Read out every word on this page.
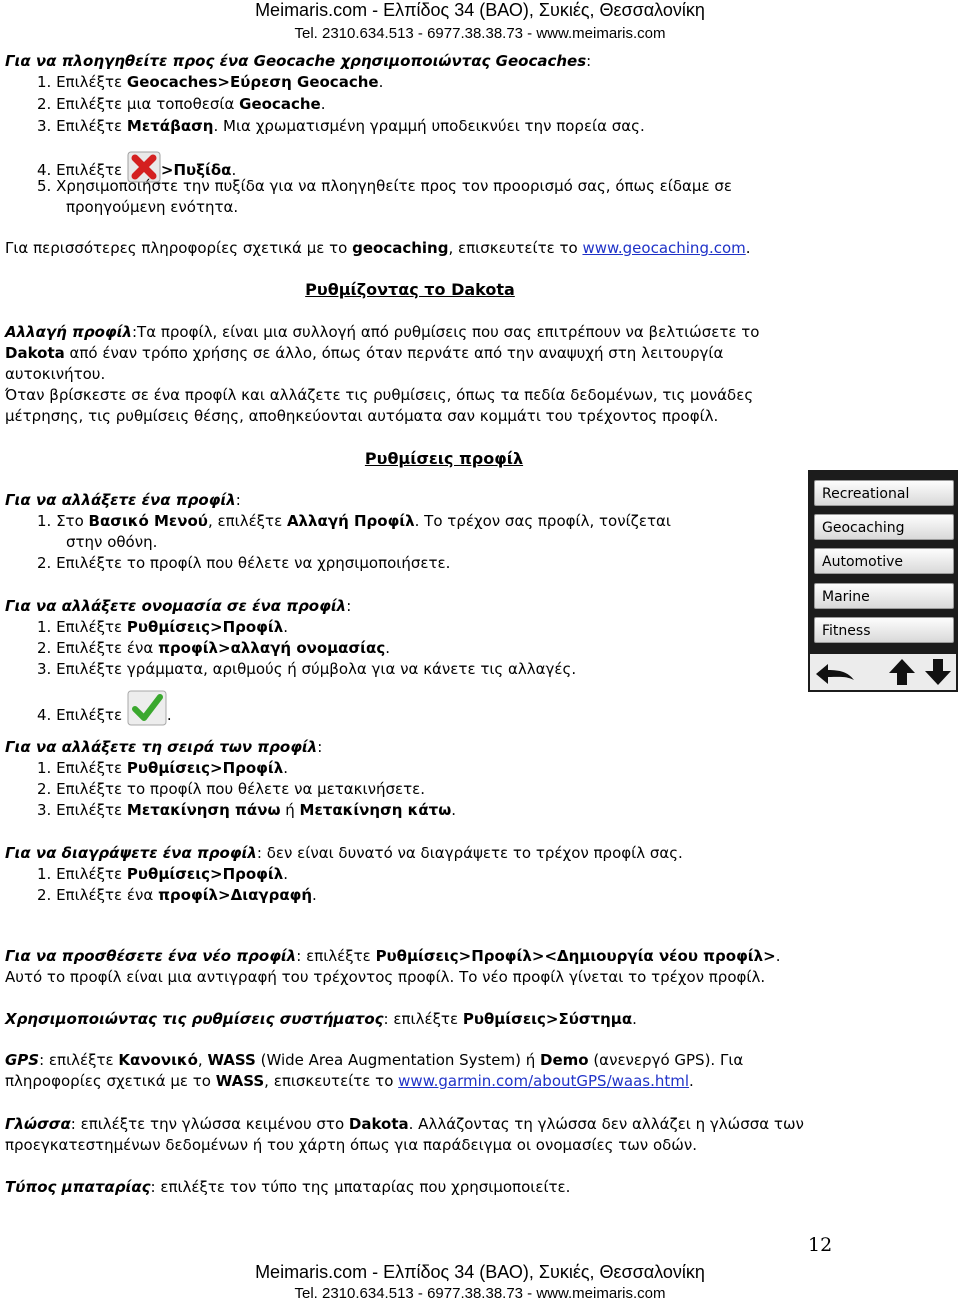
Meimaris.com - Ελπίδος 34 (ΒΑΟ), Συκιές, Θεσσαλονίκη
Tel. 2310.634.513 - 6977.38.38.73 - www.meimaris.com
Για να πλοηγηθείτε προς ένα Geocache χρησιμοποιώντας Geocaches:
1. Επιλέξτε Geocaches>Εύρεση Geocache.
2. Επιλέξτε μια τοποθεσία Geocache.
3. Επιλέξτε Μετάβαση. Μια χρωματισμένη γραμμή υποδεικνύει την πορεία σας.
4. Επιλέξτε >Πυξίδα.
5. Χρησιμοποιήστε την πυξίδα για να πλοηγηθείτε προς τον προορισμό σας, όπως είδαμε σε
προηγούμενη ενότητα.
Για περισσότερες πληροφορίες σχετικά με το geocaching, επισκευτείτε το www.geocaching.com.
Ρυθμίζοντας το Dakota
Αλλαγή προφίλ:Τα προφίλ, είναι μια συλλογή από ρυθμίσεις που σας επιτρέπουν να βελτιώσετε το
Dakota από έναν τρόπο χρήσης σε άλλο, όπως όταν περνάτε από την αναψυχή στη λειτουργία
αυτοκινήτου.
Όταν βρίσκεστε σε ένα προφίλ και αλλάζετε τις ρυθμίσεις, όπως τα πεδία δεδομένων, τις μονάδες
μέτρησης, τις ρυθμίσεις θέσης, αποθηκεύονται αυτόματα σαν κομμάτι του τρέχοντος προφίλ.
Ρυθμίσεις προφίλ
Για να αλλάξετε ένα προφίλ:
1. Στο Βασικό Μενού, επιλέξτε Αλλαγή Προφίλ. Το τρέχον σας προφίλ, τονίζεται
στην οθόνη.
2. Επιλέξτε το προφίλ που θέλετε να χρησιμοποιήσετε.
Για να αλλάξετε ονομασία σε ένα προφίλ:
1. Επιλέξτε Ρυθμίσεις>Προφίλ.
2. Επιλέξτε ένα προφίλ>αλλαγή ονομασίας.
3. Επιλέξτε γράμματα, αριθμούς ή σύμβολα για να κάνετε τις αλλαγές.
4. Επιλέξτε	.
Για να αλλάξετε τη σειρά των προφίλ:
1. Επιλέξτε Ρυθμίσεις>Προφίλ.
2. Επιλέξτε το προφίλ που θέλετε να μετακινήσετε.
3. Επιλέξτε Μετακίνηση πάνω ή Μετακίνηση κάτω.
Για να διαγράψετε ένα προφίλ: δεν είναι δυνατό να διαγράψετε το τρέχον προφίλ σας.
1. Επιλέξτε Ρυθμίσεις>Προφίλ.
2. Επιλέξτε ένα προφίλ>Διαγραφή.
Για να προσθέσετε ένα νέο προφίλ: επιλέξτε Ρυθμίσεις>Προφίλ><Δημιουργία νέου προφίλ>.
Αυτό το προφίλ είναι μια αντιγραφή του τρέχοντος προφίλ. Το νέο προφίλ γίνεται το τρέχον προφίλ.
Χρησιμοποιώντας τις ρυθμίσεις συστήματος: επιλέξτε Ρυθμίσεις>Σύστημα.
GPS: επιλέξτε Κανονικό, WASS (Wide Area Augmentation System) ή Demo (ανενεργό GPS). Για
πληροφορίες σχετικά με το WASS, επισκευτείτε το www.garmin.com/aboutGPS/waas.html.
Γλώσσα: επιλέξτε την γλώσσα κειμένου στο Dakota. Αλλάζοντας τη γλώσσα δεν αλλάζει η γλώσσα των
προεγκατεστημένων δεδομένων ή του χάρτη όπως για παράδειγμα οι ονομασίες των οδών.
Τύπος μπαταρίας: επιλέξτε τον τύπο της μπαταρίας που χρησιμοποιείτε.
Recreational
Geocaching
Automotive
Marine
Fitness
12
Meimaris.com - Ελπίδος 34 (ΒΑΟ), Συκιές, Θεσσαλονίκη
Tel. 2310.634.513 - 6977.38.38.73 - www.meimaris.com
